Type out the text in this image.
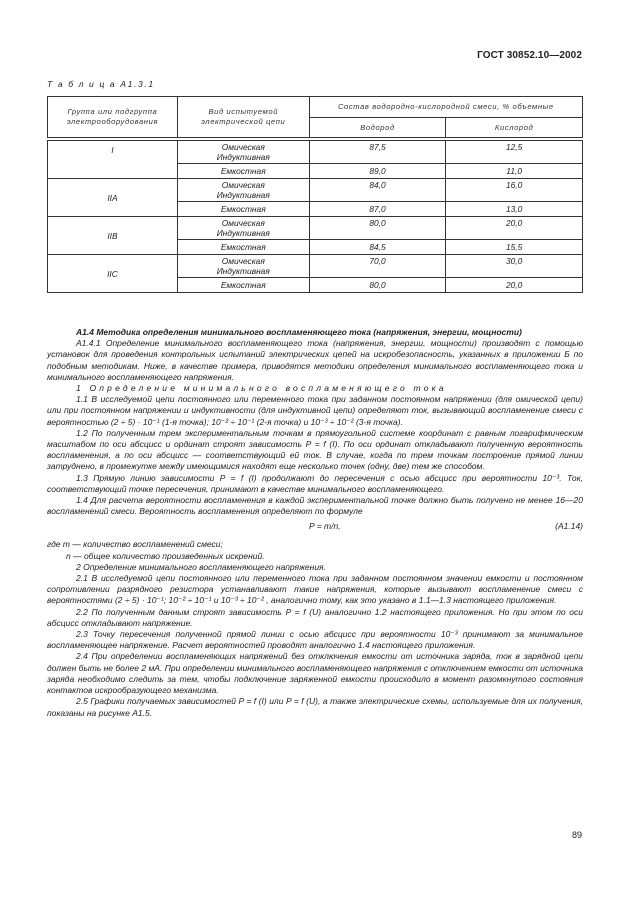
ГОСТ 30852.10—2002
Т а б л и ц а А1.3.1
Группа или подгруппа электрооборудования	Вид испытуемой электрической цепи	Состав водородно-кислородной смеси, % объемные	
		Водород	Кислород

I	Омическая
Индуктивная	87,5	12,5
	Емкостная	89,0	11,0
IIA	Омическая
Индуктивная	84,0	16,0
	Емкостная	87,0	13,0
IIB	Омическая
Индуктивная	80,0	20,0
	Емкостная	84,5	15,5
IIC	Омическая
Индуктивная	70,0	30,0
	Емкостная	80,0	20,0

А1.4 Методика определения минимального воспламеняющего тока (напряжения, энергии, мощности)

А1.4.1 Определение минимального воспламеняющего тока (напряжения, энергии, мощности) производят с помощью установок для проведения контрольных испытаний электрических цепей на искробезопасность, указанных в приложении Б по подобным методикам. Ниже, в качестве примера, приводятся методики определения минимального воспламеняющего тока и минимального воспламеняющего напряжения.

1 Определение минимального воспламеняющего тока

1.1 В исследуемой цепи постоянного или переменного тока при заданном постоянном напряжении (для омической цепи) или при постоянном напряжении и индуктивности (для индуктивной цепи) определяют ток, вызывающий воспламенение смеси с вероятностью (2 ÷ 5) · 10⁻¹ (1-я точка); 10⁻² ÷ 10⁻¹ (2-я точка) и 10⁻³ ÷ 10⁻² (3-я точка).

1.2 По полученным трем экспериментальным точкам в прямоугольной системе координат с равным логарифмическим масштабом по оси абсцисс и ординат строят зависимость P = f (I). По оси ординат откладывают полученную вероятность воспламенения, а по оси абсцисс — соответствующий ей ток. В случае, когда по трем точкам построение прямой линии затруднено, в промежутке между имеющимися находят еще несколько точек (одну, две) тем же способом.

1.3 Прямую линию зависимости P = f (I) продолжают до пересечения с осью абсцисс при вероятности 10⁻³. Ток, соответствующий точке пересечения, принимают в качестве минимального воспламеняющего.

1.4 Для расчета вероятности воспламенения в каждой экспериментальной точке должно быть получено не менее 16—20 воспламенений смеси. Вероятность воспламенения определяют по формуле

P = m/n,	(А1.14)

где m — количество воспламенений смеси;

n — общее количество произведенных искрений.

2 Определение минимального воспламеняющего напряжения.

2.1 В исследуемой цепи постоянного или переменного тока при заданном постоянном значении емкости и постоянном сопротивлении разрядного резистора устанавливают такие напряжения, которые вызывают воспламенение смеси с вероятностями (2 ÷ 5) · 10⁻¹; 10⁻² ÷ 10⁻¹ и 10⁻³ ÷ 10⁻² , аналогично тому, как это указано в 1.1—1.3 настоящего приложения.

2.2 По полученным данным строят зависимость P = f (U) аналогично 1.2 настоящего приложения. Но при этом по оси абсцисс откладывают напряжение.

2.3 Точку пересечения полученной прямой линии с осью абсцисс при вероятности 10⁻³ принимают за минимальное воспламеняющее напряжение. Расчет вероятностей проводят аналогично 1.4 настоящего приложения.

2.4 При определении воспламеняющих напряжений без отключения емкости от источника заряда, ток в зарядной цепи должен быть не более 2 мА. При определении минимального воспламеняющего напряжения с отключением емкости от источника заряда необходимо следить за тем, чтобы подключение заряженной емкости происходило в момент разомкнутого состояния контактов искрообразующего механизма.

2.5 Графики получаемых зависимостей P = f (I) или P = f (U), а также электрические схемы, используемые для их получения, показаны на рисунке А1.5.

89
